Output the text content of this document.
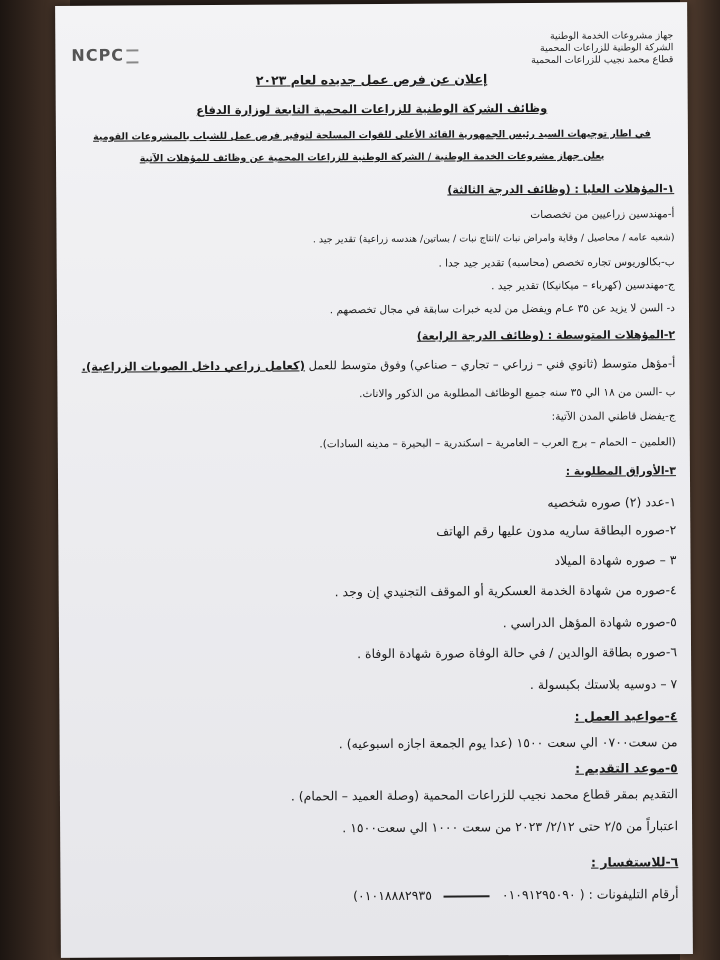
NCPC
جهاز مشروعات الخدمة الوطنية
الشركة الوطنية للزراعات المحمية
قطاع محمد نجيب للزراعات المحمية
إعلان عن فرص عمل جديده لعام ٢٠٢٣
وظائف الشركة الوطنية للزراعات المحمية التابعة لوزارة الدفاع
في اطار توجيهات السيد رئيس الجمهورية القائد الأعلى للقوات المسلحة لتوفير فرص عمل للشباب بالمشروعات القومية
يعلن جهاز مشروعات الخدمة الوطنية / الشركة الوطنية للزراعات المحمية عن وظائف للمؤهلات الآتية
١-المؤهلات العليا : (وظائف الدرجة الثالثة)
أ-مهندسين زراعيين من تخصصات
(شعبه عامه / محاصيل / وقاية وامراض نبات /انتاج نبات / بساتين/ هندسه زراعية) تقدير جيد .
ب-بكالوريوس تجاره تخصص (محاسبه) تقدير جيد جدا .
ج-مهندسين (كهرباء – ميكانيكا) تقدير جيد .
د- السن لا يزيد عن ٣٥ عـام ويفضل من لديه خبرات سابقة في مجال تخصصهم .
٢-المؤهلات المتوسطة : (وظائف الدرجة الرابعة)
أ-مؤهل متوسط (ثانوي فني – زراعي – تجاري – صناعي) وفوق متوسط للعمل (كعامل زراعي داخل الصوبات الزراعية).
ب -السن من ١٨ الي ٣٥ سنه جميع الوظائف المطلوبة من الذكور والاناث.
ج-يفضل قاطني المدن الآتية:
(العلمين – الحمام – برج العرب – العامرية – اسكندرية – البحيرة – مدينه السادات).
٣-الأوراق المطلوبة :
١-عدد (٢) صوره شخصيه
٢-صوره البطاقة ساريه مدون عليها رقم الهاتف
٣ – صوره شهادة الميلاد
٤-صوره من شهادة الخدمة العسكرية أو الموقف التجنيدي إن وجد .
٥-صوره شهادة المؤهل الدراسي .
٦-صوره بطاقة الوالدين / في حالة الوفاة صورة شهادة الوفاة .
٧ – دوسيه بلاستك بكبسولة .
٤-مواعيد العمل :
من سعت٠٧٠٠ الي سعت ١٥٠٠ (عدا يوم الجمعة اجازه اسبوعيه) .
٥-موعد التقديم :
التقديم بمقر قطاع محمد نجيب للزراعات المحمية (وصلة العميد – الحمام) .
اعتباراً من ٢/٥ حتى ٢/١٢/ ٢٠٢٣ من سعت ١٠٠٠ الي سعت١٥٠٠ .
٦-للاستفسار :
أرقام التليفونات : ( ٠١٠٩١٢٩٥٠٩٠  ٠١٠١٨٨٨٢٩٣٥)
